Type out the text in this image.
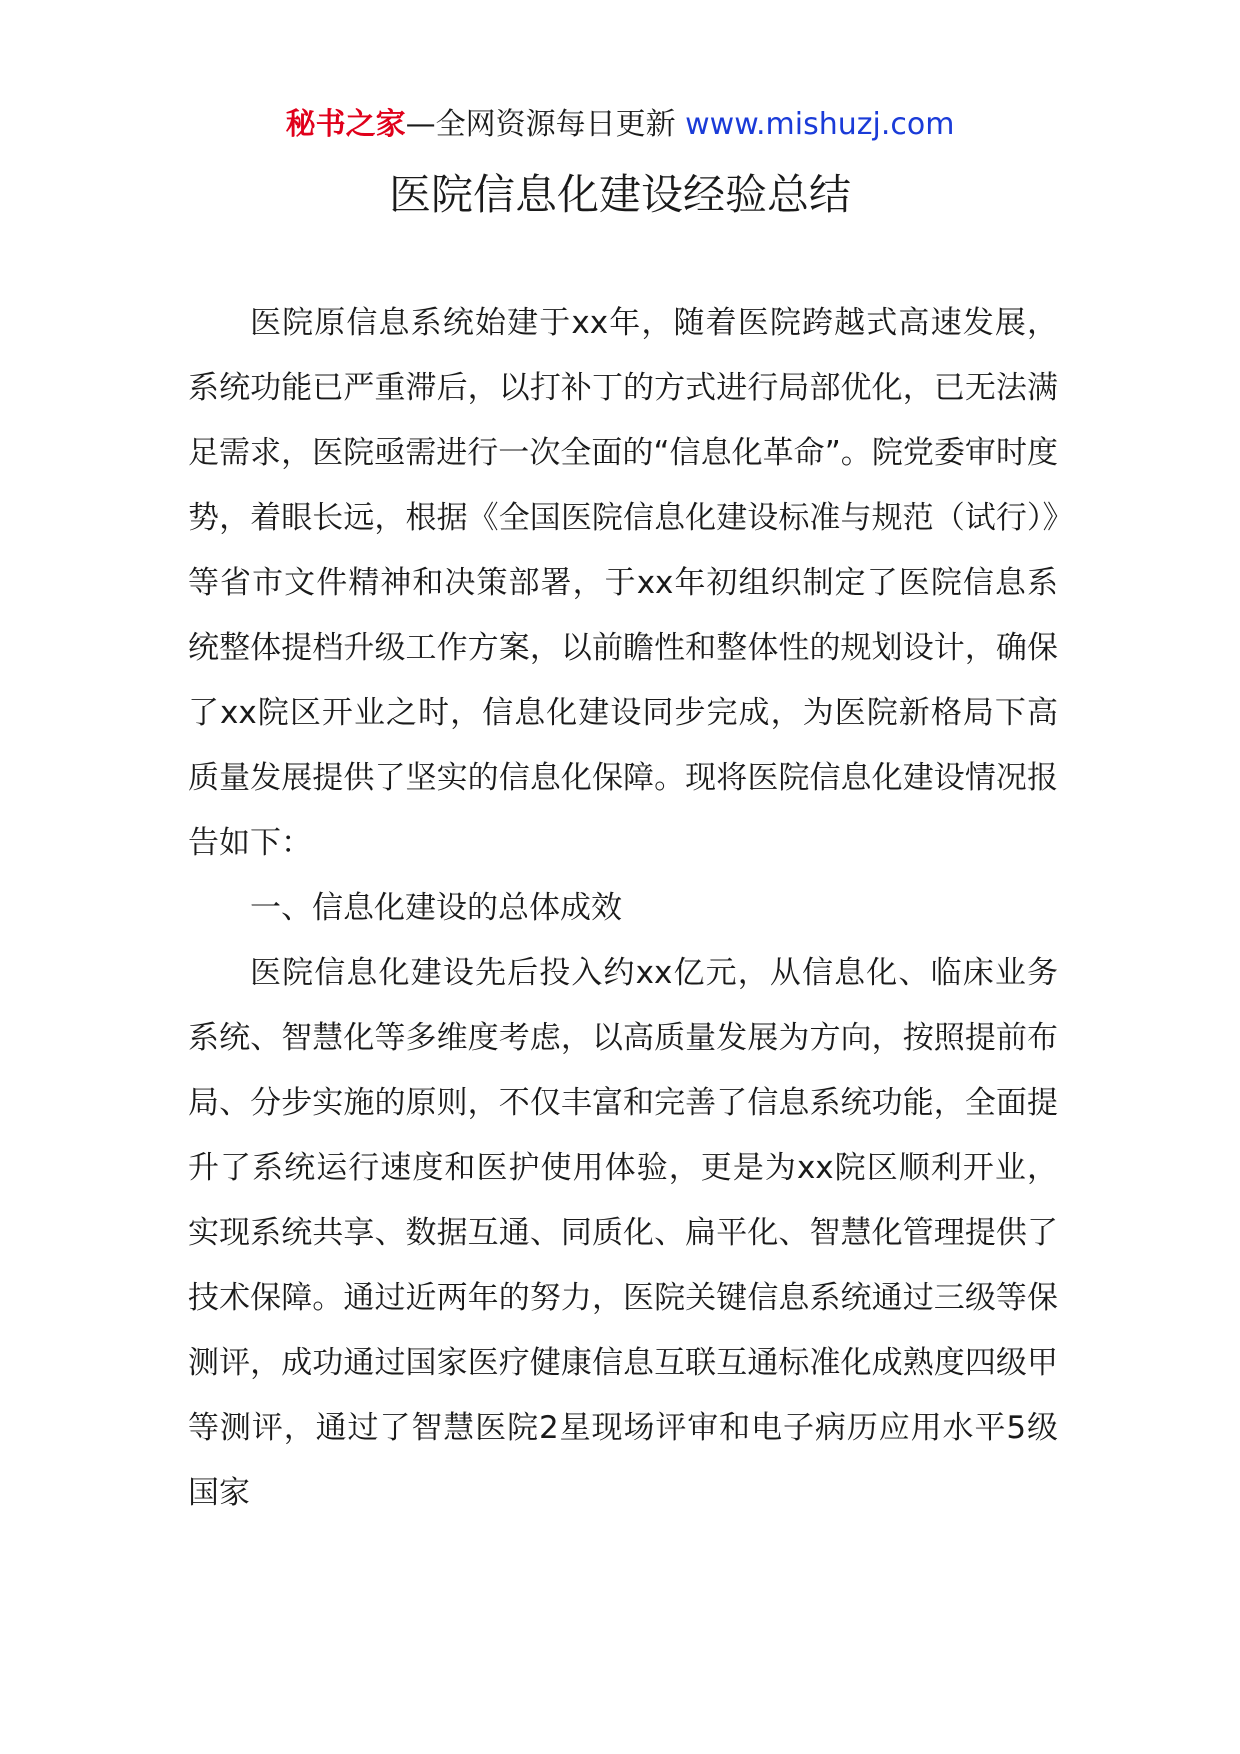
秘书之家—全网资源每日更新 www.mishuzj.com
医院信息化建设经验总结

医院原信息系统始建于xx年，随着医院跨越式高速发展，系统功能已严重滞后，以打补丁的方式进行局部优化，已无法满足需求，医院亟需进行一次全面的“信息化革命”。院党委审时度势，着眼长远，根据《全国医院信息化建设标准与规范（试行）》等省市文件精神和决策部署，于xx年初组织制定了医院信息系统整体提档升级工作方案，以前瞻性和整体性的规划设计，确保了xx院区开业之时，信息化建设同步完成，为医院新格局下高质量发展提供了坚实的信息化保障。现将医院信息化建设情况报告如下：

一、信息化建设的总体成效

医院信息化建设先后投入约xx亿元，从信息化、临床业务系统、智慧化等多维度考虑，以高质量发展为方向，按照提前布局、分步实施的原则，不仅丰富和完善了信息系统功能，全面提升了系统运行速度和医护使用体验，更是为xx院区顺利开业，实现系统共享、数据互通、同质化、扁平化、智慧化管理提供了技术保障。通过近两年的努力，医院关键信息系统通过三级等保测评，成功通过国家医疗健康信息互联互通标准化成熟度四级甲等测评，通过了智慧医院2星现场评审和电子病历应用水平5级国家
